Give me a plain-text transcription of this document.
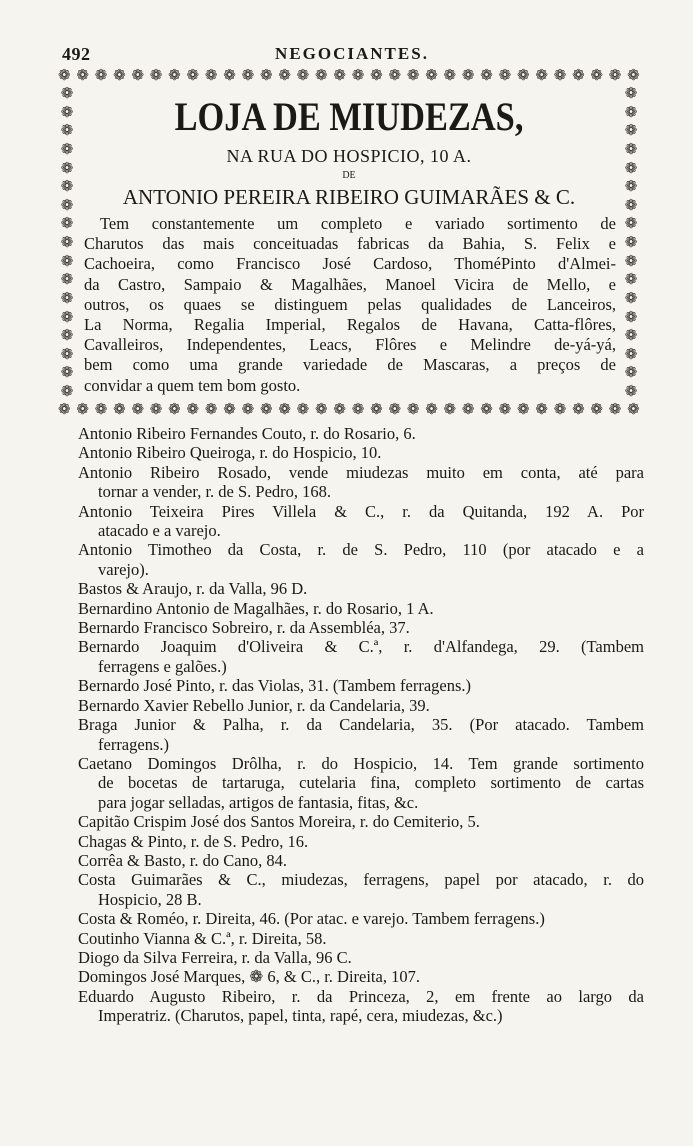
492	NEGOCIANTES.
❁ ❁ ❁ ❁ ❁ ❁ ❁ ❁ ❁ ❁ ❁ ❁ ❁ ❁ ❁ ❁ ❁ ❁ ❁ ❁ ❁ ❁ ❁ ❁ ❁ ❁ ❁ ❁ ❁ ❁ ❁ ❁
❁
❁
❁
❁
❁
❁
❁
❁
❁
❁
❁
❁
❁
❁
❁
❁
❁
❁
❁
❁
❁
❁
❁
❁
❁
❁
❁
❁
❁
❁
❁
❁
❁
❁
❁ ❁ ❁ ❁ ❁ ❁ ❁ ❁ ❁ ❁ ❁ ❁ ❁ ❁ ❁ ❁ ❁ ❁ ❁ ❁ ❁ ❁ ❁ ❁ ❁ ❁ ❁ ❁ ❁ ❁ ❁ ❁
LOJA DE MIUDEZAS,
NA RUA DO HOSPICIO, 10 A.
DE
ANTONIO PEREIRA RIBEIRO GUIMARÃES & C.
Tem constantemente um completo e variado sortimento de
Charutos das mais conceituadas fabricas da Bahia, S. Felix e
Cachoeira, como Francisco José Cardoso, ThoméPinto d'Almei-
da Castro, Sampaio & Magalhães, Manoel Vicira de Mello, e
outros, os quaes se distinguem pelas qualidades de Lanceiros,
La Norma, Regalia Imperial, Regalos de Havana, Catta-flôres,
Cavalleiros, Independentes, Leacs, Flôres e Melindre de-yá-yá,
bem como uma grande variedade de Mascaras, a preços de
convidar a quem tem bom gosto.
Antonio Ribeiro Fernandes Couto, r. do Rosario, 6.
Antonio Ribeiro Queiroga, r. do Hospicio, 10.
Antonio Ribeiro Rosado, vende miudezas muito em conta, até para
tornar a vender, r. de S. Pedro, 168.
Antonio Teixeira Pires Villela & C., r. da Quitanda, 192 A. Por
atacado e a varejo.
Antonio Timotheo da Costa, r. de S. Pedro, 110 (por atacado e a
varejo).
Bastos & Araujo, r. da Valla, 96 D.
Bernardino Antonio de Magalhães, r. do Rosario, 1 A.
Bernardo Francisco Sobreiro, r. da Assembléa, 37.
Bernardo Joaquim d'Oliveira & C.ª, r. d'Alfandega, 29. (Tambem
ferragens e galões.)
Bernardo José Pinto, r. das Violas, 31. (Tambem ferragens.)
Bernardo Xavier Rebello Junior, r. da Candelaria, 39.
Braga Junior & Palha, r. da Candelaria, 35. (Por atacado. Tambem
ferragens.)
Caetano Domingos Drôlha, r. do Hospicio, 14. Tem grande sortimento
de bocetas de tartaruga, cutelaria fina, completo sortimento de cartas
para jogar selladas, artigos de fantasia, fitas, &c.
Capitão Crispim José dos Santos Moreira, r. do Cemiterio, 5.
Chagas & Pinto, r. de S. Pedro, 16.
Corrêa & Basto, r. do Cano, 84.
Costa Guimarães & C., miudezas, ferragens, papel por atacado, r. do
Hospicio, 28 B.
Costa & Roméo, r. Direita, 46. (Por atac. e varejo. Tambem ferragens.)
Coutinho Vianna & C.ª, r. Direita, 58.
Diogo da Silva Ferreira, r. da Valla, 96 C.
Domingos José Marques, ❁ 6, & C., r. Direita, 107.
Eduardo Augusto Ribeiro, r. da Princeza, 2, em frente ao largo da
Imperatriz. (Charutos, papel, tinta, rapé, cera, miudezas, &c.)
